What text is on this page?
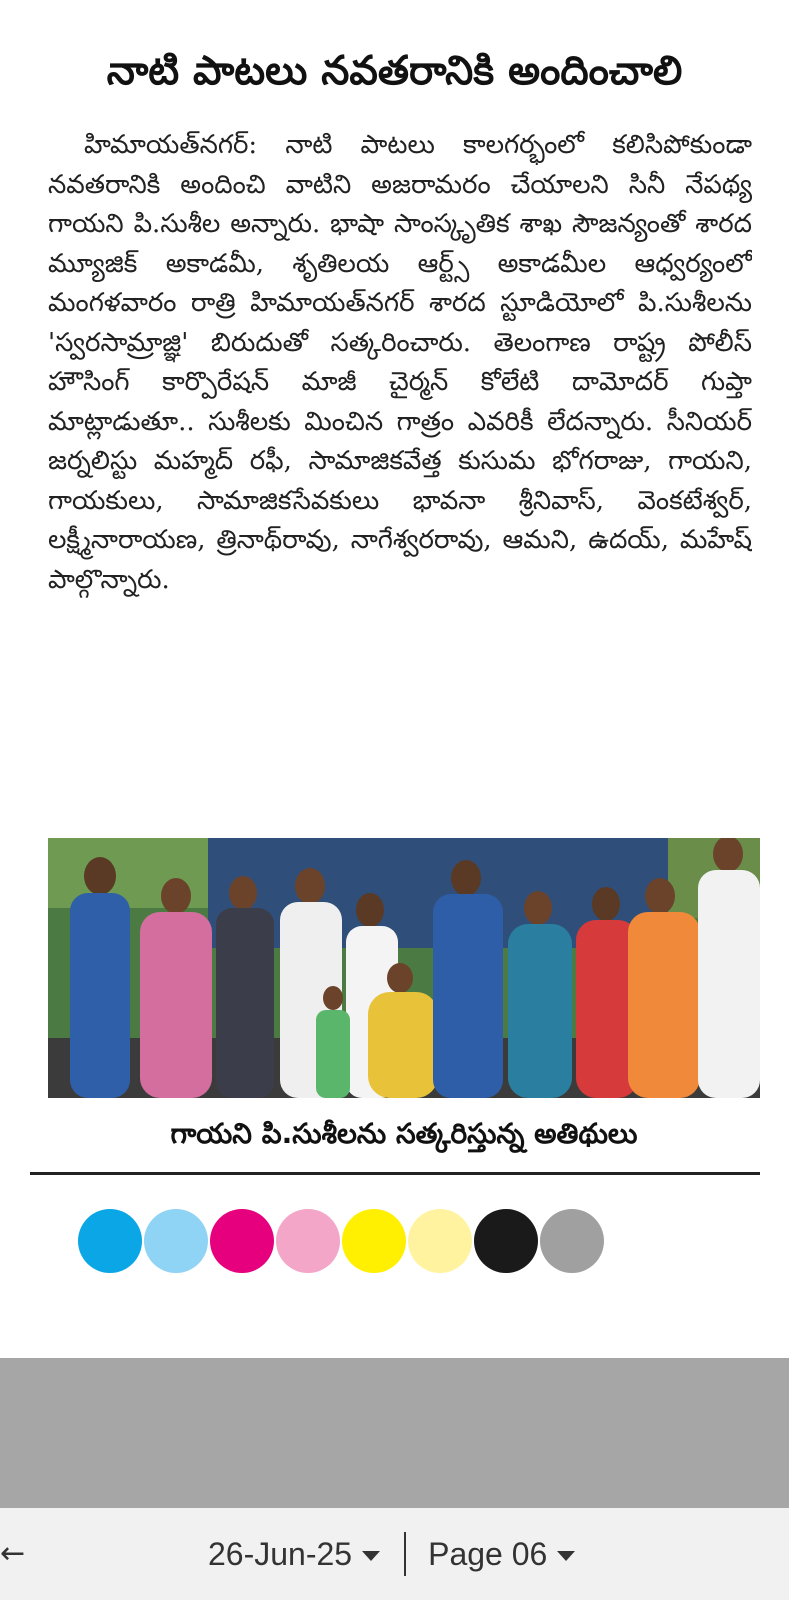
నాటి పాటలు నవతరానికి అందించాలి

హిమాయత్‌నగర్: నాటి పాటలు కాలగర్భంలో కలిసిపోకుండా నవతరానికి అందించి వాటిని అజరామరం చేయాలని సినీ నేపథ్య గాయని పి.సుశీల అన్నారు. భాషా సాంస్కృతిక శాఖ సౌజన్యంతో శారద మ్యూజిక్ అకాడమీ, శృతిలయ ఆర్ట్స్ అకాడమీల ఆధ్వర్యంలో మంగళవారం రాత్రి హిమాయత్‌నగర్ శారద స్టూడియోలో పి.సుశీలను 'స్వరసామ్రాజ్ఞి' బిరుదుతో సత్కరించారు. తెలంగాణ రాష్ట్ర పోలీస్ హౌసింగ్ కార్పొరేషన్ మాజీ చైర్మన్ కోలేటి దామోదర్ గుప్తా మాట్లాడుతూ.. సుశీలకు మించిన గాత్రం ఎవరికీ లేదన్నారు. సీనియర్ జర్నలిస్టు మహ్మద్ రఫీ, సామాజికవేత్త కుసుమ భోగరాజు, గాయని, గాయకులు, సామాజికసేవకులు భావనా శ్రీనివాస్, వెంకటేశ్వర్, లక్ష్మీనారాయణ, త్రినాథ్‌రావు, నాగేశ్వరరావు, ఆమని, ఉదయ్, మహేష్ పాల్గొన్నారు.

గాయని పి.సుశీలను సత్కరిస్తున్న అతిథులు

←	26-Jun-25 Page 06
